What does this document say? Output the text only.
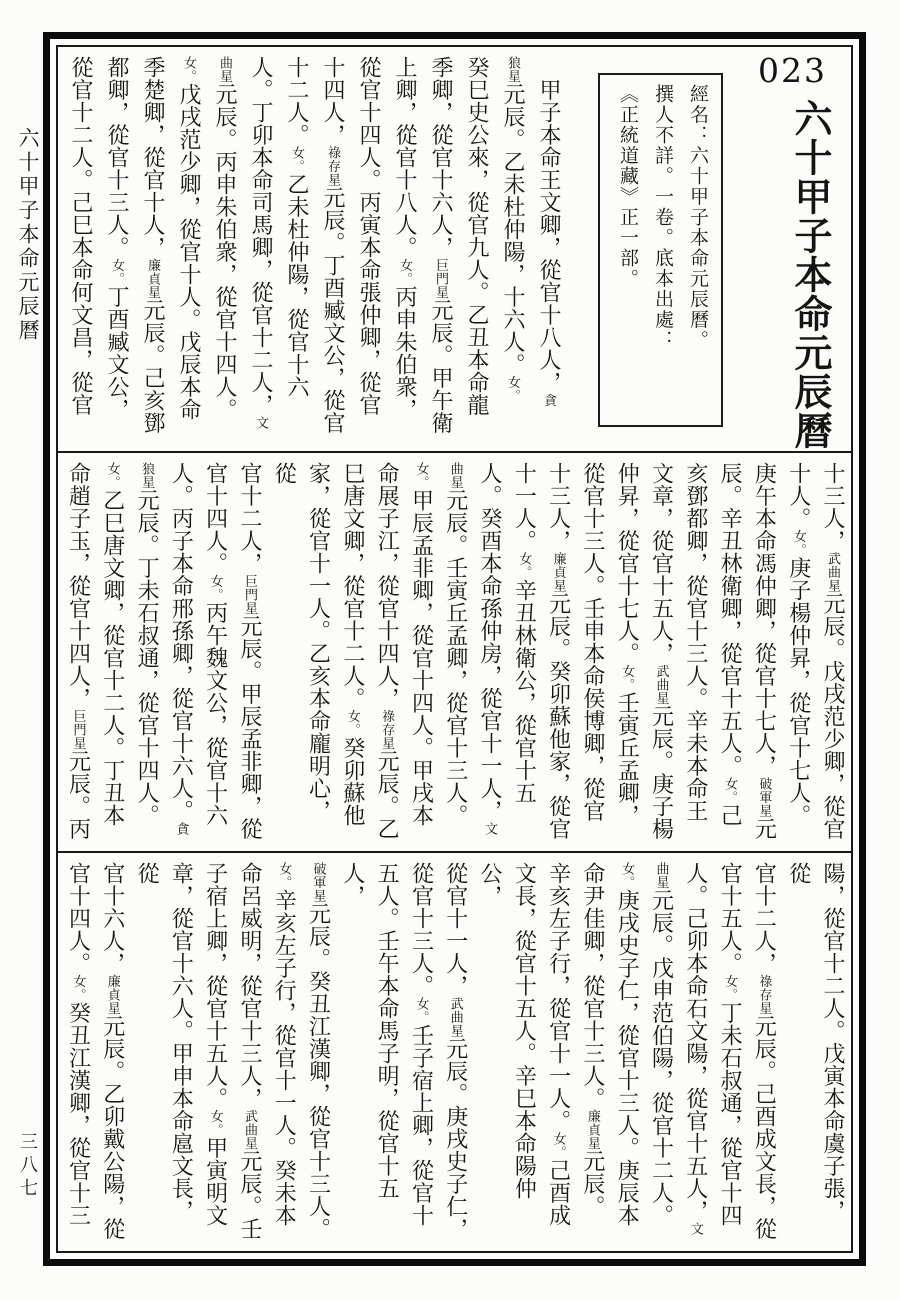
六十甲子本命元辰曆
三八七
023
六十甲子本命元辰曆
經名：六十甲子本命元辰曆。
撰人不詳。一卷。底本出處：
《正統道藏》正一部。
　甲子本命王文卿，從官十八人，貪
狼星元辰。乙未杜仲陽，十六人。女。
癸巳史公來，從官九人。乙丑本命龍
季卿，從官十六人，巨門星元辰。甲午衛
上卿，從官十八人。女。丙申朱伯衆，
從官十四人。丙寅本命張仲卿，從官
十四人，祿存星元辰。丁酉臧文公，從官
十二人。女。乙未杜仲陽，從官十六
人。丁卯本命司馬卿，從官十二人，文
曲星元辰。丙申朱伯衆，從官十四人。
女。戊戌范少卿，從官十人。戊辰本命
季楚卿，從官十人，廉貞星元辰。己亥鄧
都卿，從官十三人。女。丁酉臧文公，
從官十二人。己巳本命何文昌，從官
十三人，武曲星元辰。戊戌范少卿，從官
十人。女。庚子楊仲昇，從官十七人。
庚午本命馮仲卿，從官十七人，破軍星元
辰。辛丑林衛卿，從官十五人。女。己
亥鄧都卿，從官十三人。辛未本命王
文章，從官十五人，武曲星元辰。庚子楊
仲昇，從官十七人。女。壬寅丘孟卿，
從官十三人。壬申本命侯博卿，從官
十三人，廉貞星元辰。癸卯蘇他家，從官
十一人。女。辛丑林衛公，從官十五
人。癸酉本命孫仲房，從官十一人，文
曲星元辰。壬寅丘孟卿，從官十三人。
女。甲辰孟非卿，從官十四人。甲戌本
命展子江，從官十四人，祿存星元辰。乙
巳唐文卿，從官十二人。女。癸卯蘇他
家，從官十一人。乙亥本命龐明心，從
官十二人，巨門星元辰。甲辰孟非卿，從
官十四人。女。丙午魏文公，從官十六
人。丙子本命邢孫卿，從官十六人。貪
狼星元辰。丁未石叔通，從官十四人。
女。乙巳唐文卿，從官十二人。丁丑本
命趙子玉，從官十四人，巨門星元辰。丙
陽，從官十二人。戊寅本命虞子張，從
官十二人，祿存星元辰。己酉成文長，從
官十五人。女。丁未石叔通，從官十四
人。己卯本命石文陽，從官十五人，文
曲星元辰。戊申范伯陽，從官十二人。
女。庚戌史子仁，從官十三人。庚辰本
命尹佳卿，從官十三人。廉貞星元辰。
辛亥左子行，從官十一人。女。己酉成
文長，從官十五人。辛巳本命陽仲公，
從官十一人，武曲星元辰。庚戌史子仁，
從官十三人。女。壬子宿上卿，從官十
五人。壬午本命馬子明，從官十五人，
破軍星元辰。癸丑江漢卿，從官十三人。
女。辛亥左子行，從官十一人。癸未本
命呂威明，從官十三人，武曲星元辰。壬
子宿上卿，從官十五人。女。甲寅明文
章，從官十六人。甲申本命扈文長，從
官十六人，廉貞星元辰。乙卯戴公陽，從
官十四人。女。癸丑江漢卿，從官十三
